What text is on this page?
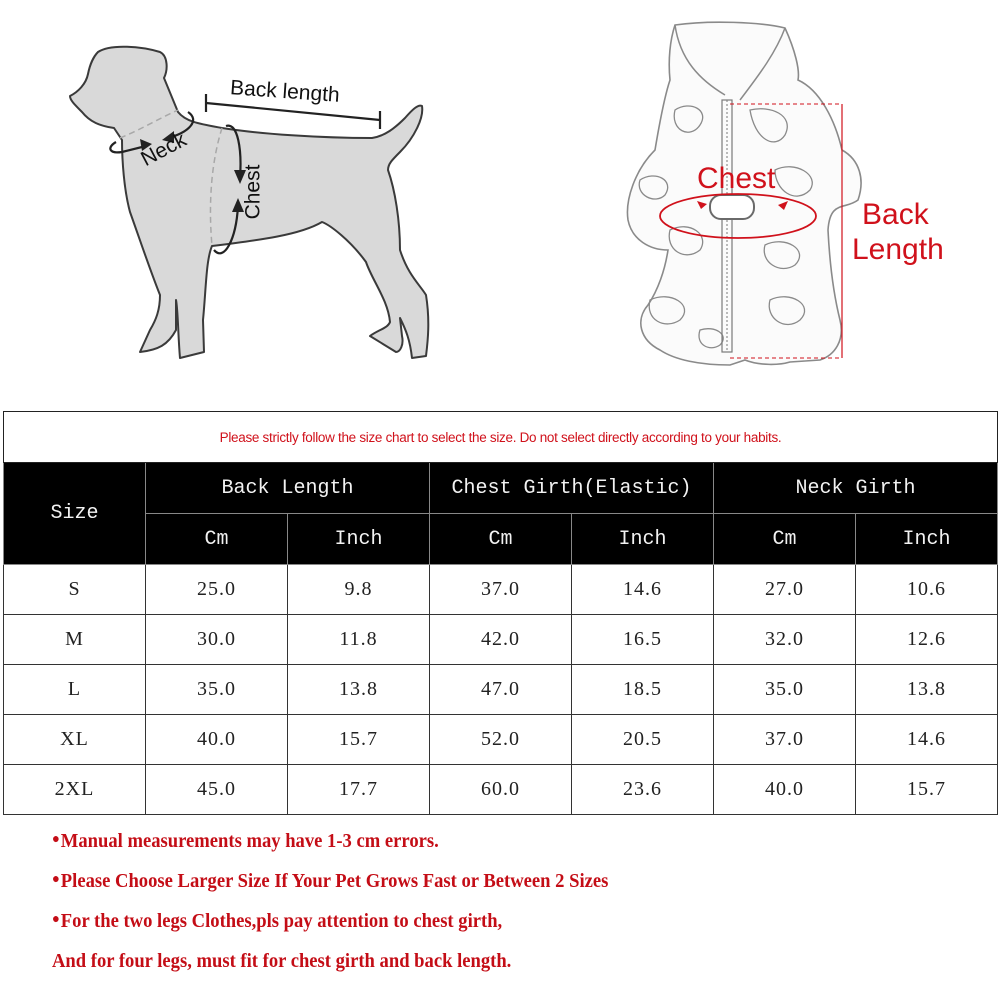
Back length
Neck
Chest	Chest
Back
Length
Please strictly follow the size chart to select the size. Do not select directly according to your habits.						
Size	Back Length		Chest Girth(Elastic)		Neck Girth	
	Cm	Inch	Cm	Inch	Cm	Inch
S	25.0	9.8	37.0	14.6	27.0	10.6
M	30.0	11.8	42.0	16.5	32.0	12.6
L	35.0	13.8	47.0	18.5	35.0	13.8
XL	40.0	15.7	52.0	20.5	37.0	14.6
2XL	45.0	17.7	60.0	23.6	40.0	15.7
●Manual measurements may have 1-3 cm errors.
●Please Choose Larger Size If Your Pet Grows Fast or Between 2 Sizes
●For the two legs Clothes,pls pay attention to chest girth,
And for four legs, must fit for chest girth and back length.
